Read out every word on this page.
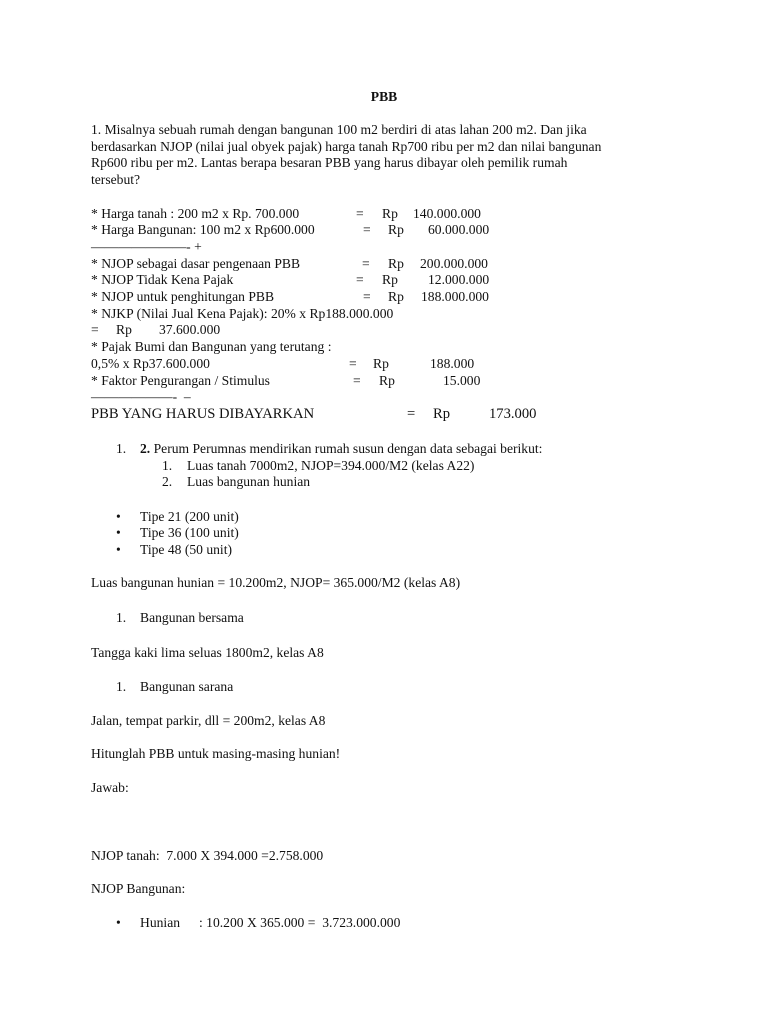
PBB
1. Misalnya sebuah rumah dengan bangunan 100 m2 berdiri di atas lahan 200 m2. Dan jika
berdasarkan NJOP (nilai jual obyek pajak) harga tanah Rp700 ribu per m2 dan nilai bangunan
Rp600 ribu per m2. Lantas berapa besaran PBB yang harus dibayar oleh pemilik rumah
tersebut?
* Harga tanah : 200 m2 x Rp. 700.000	= Rp 140.000.000
* Harga Bangunan: 100 m2 x Rp600.000	= Rp 60.000.000
———————- +
* NJOP sebagai dasar pengenaan PBB	= Rp 200.000.000
* NJOP Tidak Kena Pajak	= Rp 12.000.000
* NJOP untuk penghitungan PBB	= Rp 188.000.000
* NJKP (Nilai Jual Kena Pajak): 20% x Rp188.000.000
= Rp 37.600.000
* Pajak Bumi dan Bangunan yang terutang :
0,5% x Rp37.600.000	= Rp	188.000
* Faktor Pengurangan / Stimulus	= Rp	15.000
——————-  –
PBB YANG HARUS DIBAYARKAN	= Rp	173.000
1. 2. Perum Perumnas mendirikan rumah susun dengan data sebagai berikut:
1. Luas tanah 7000m2, NJOP=394.000/M2 (kelas A22)
2. Luas bangunan hunian
• Tipe 21 (200 unit)
• Tipe 36 (100 unit)
• Tipe 48 (50 unit)
Luas bangunan hunian = 10.200m2, NJOP= 365.000/M2 (kelas A8)
1. Bangunan bersama
Tangga kaki lima seluas 1800m2, kelas A8
1. Bangunan sarana
Jalan, tempat parkir, dll = 200m2, kelas A8
Hitunglah PBB untuk masing-masing hunian!
Jawab:
NJOP tanah:  7.000 X 394.000 =2.758.000
NJOP Bangunan:
• Hunian : 10.200 X 365.000 =  3.723.000.000
